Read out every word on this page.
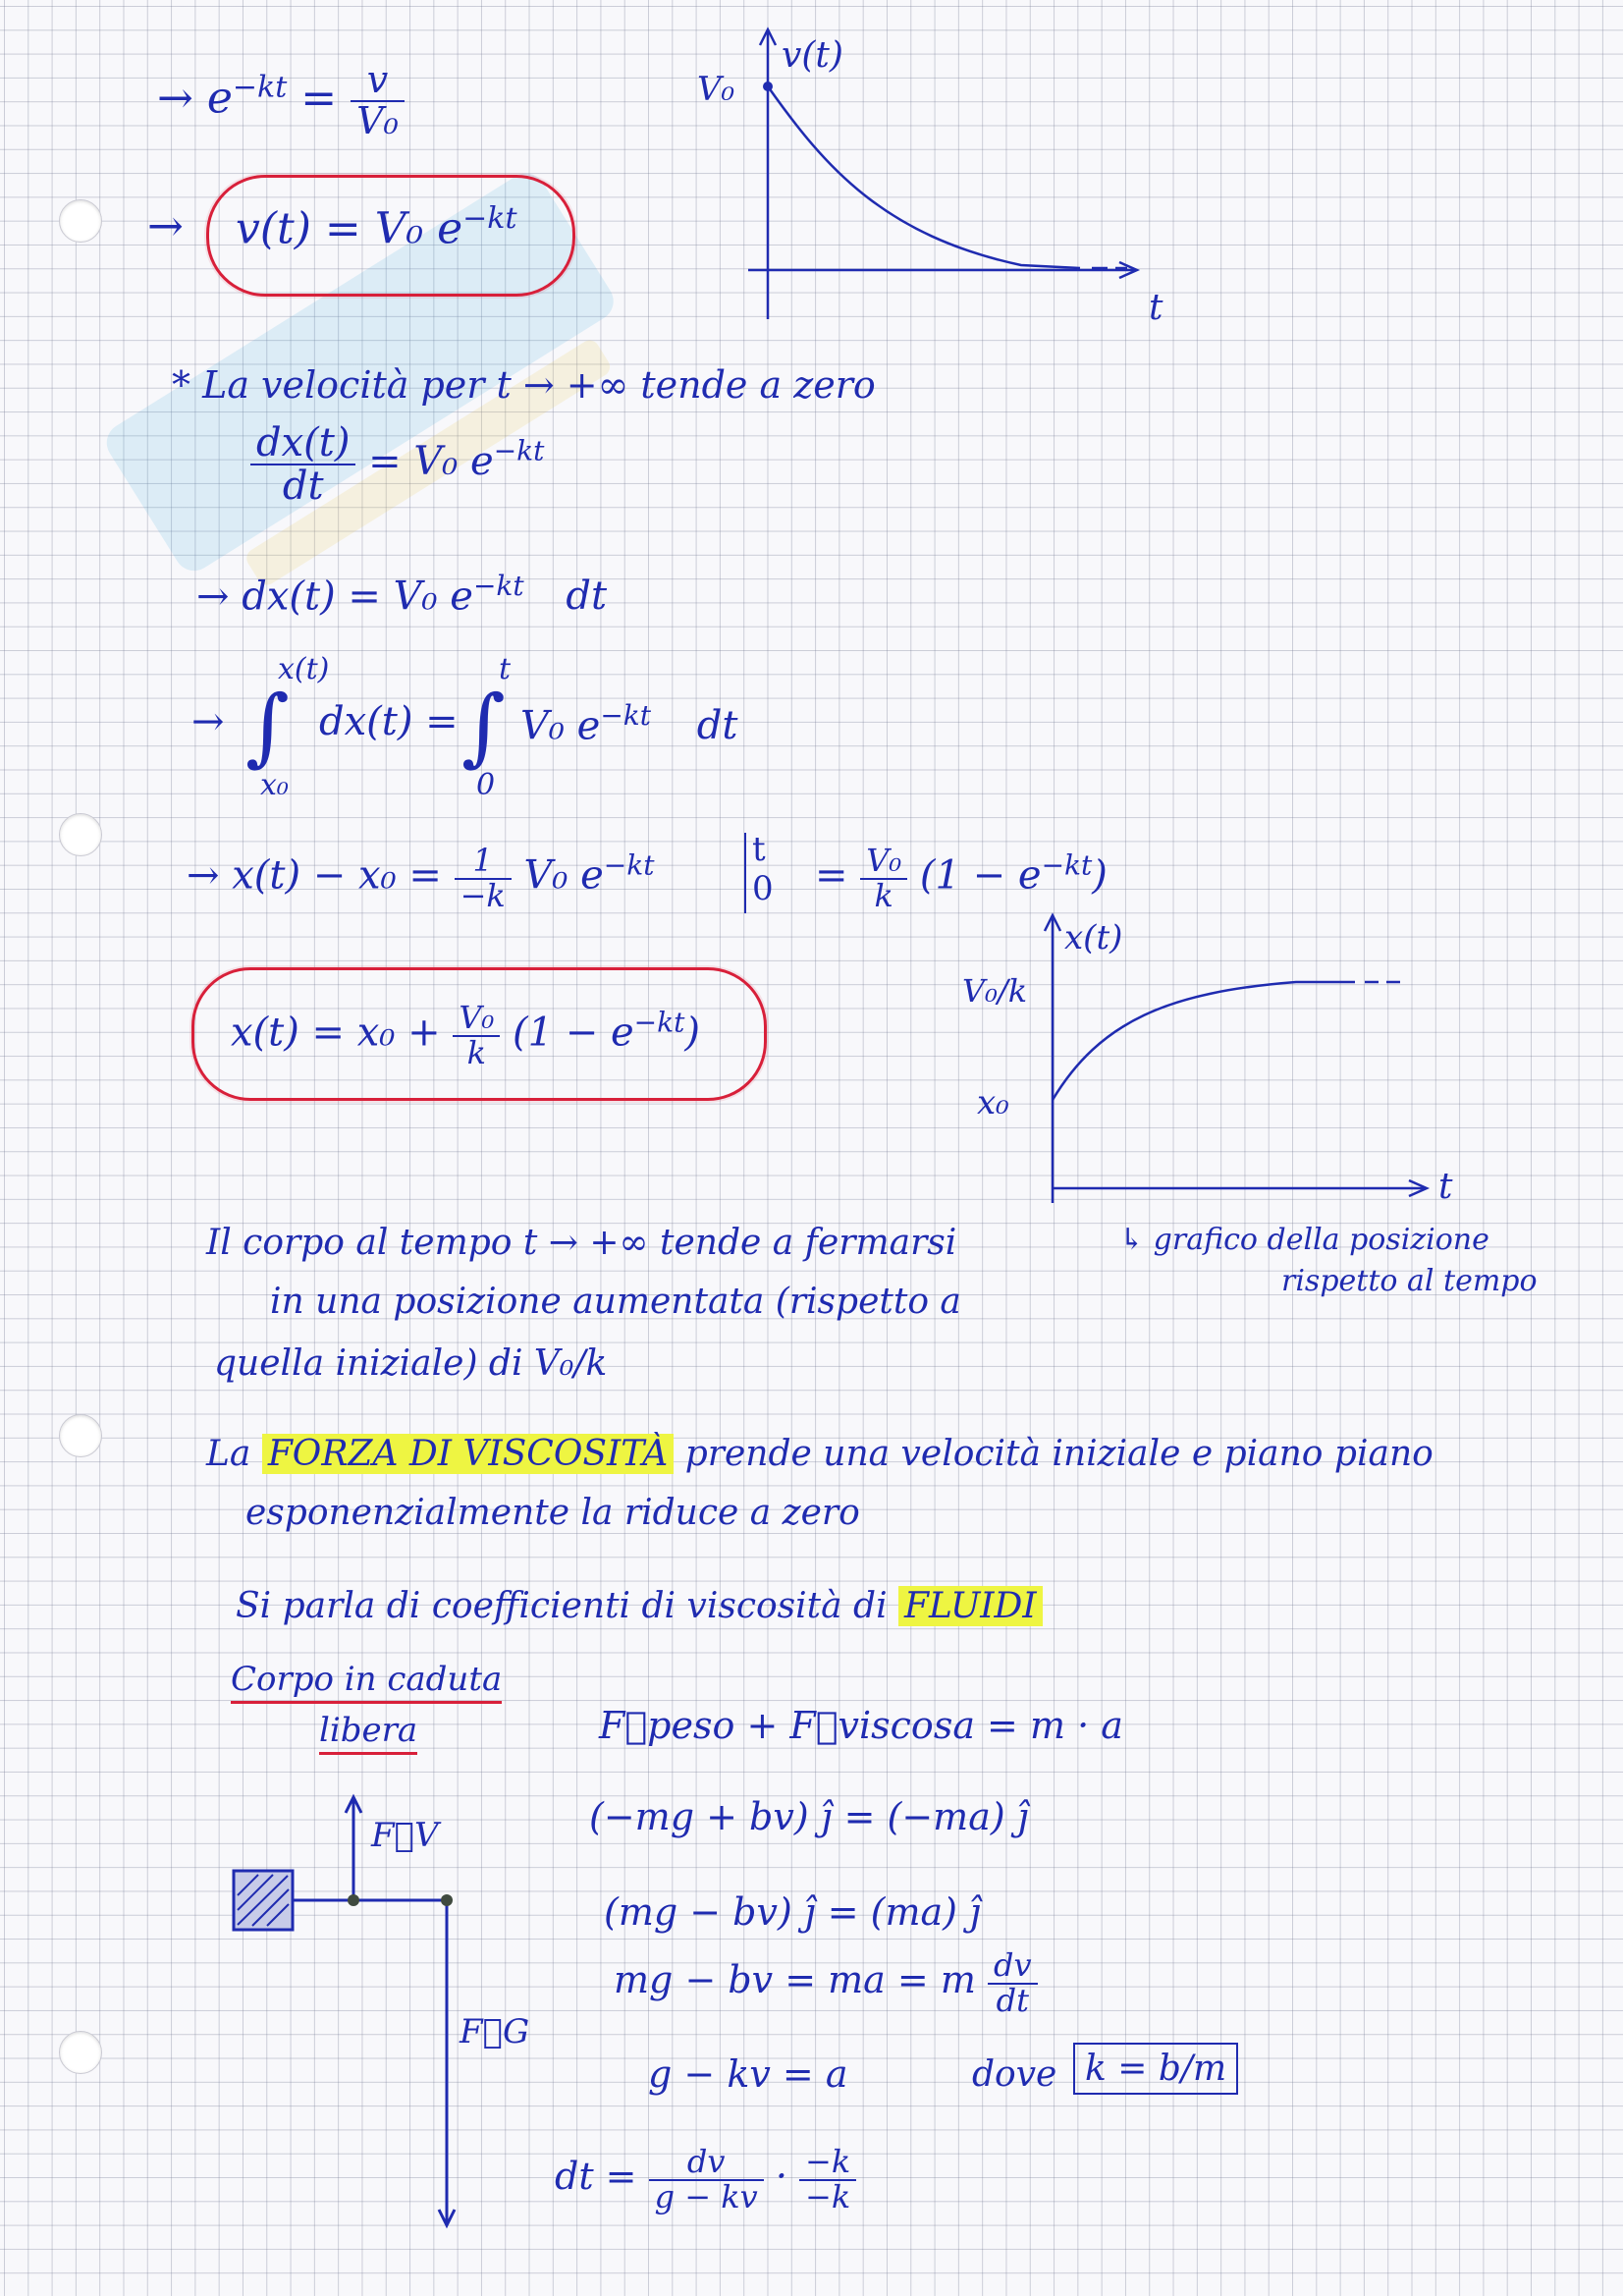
→ $e^{-kt} = \frac{v}{\text{V₀}}$
→ v(t) = V₀ $e^{-kt}$
v(t)
V₀
t
* La velocità per t → +∞ tende a zero
$\frac{dx(t)}{dt} = V_0$ $e^{-kt}$
→ dx(t) = V₀ $e^{-kt}$ dt
→ ∫
x(t)
x₀
dx(t) = ∫
t
0
V₀ $e^{-kt}$ dt
→ $x(t) - x_0 = \frac{1}{-k} V_0$ $e^{-kt}$	t
$0 = \frac{\text{V₀}}{k} (1 - e^{-kt})$
$x(t) = x_0 + \frac{\text{V₀}}{k} (1 - e^{-kt})$
x(t)
V₀/k
x₀
t
↳ grafico della posizione
rispetto al tempo
Il corpo al tempo t → +∞ tende a fermarsi
in una posizione aumentata (rispetto a
quella iniziale) di V₀/k
La FORZA DI VISCOSITÀ prende una velocità iniziale e piano piano
esponenzialmente la riduce a zero
Si parla di coefficienti di viscosità di FLUIDI
Corpo in caduta
libera	F⃗peso + F⃗viscosa = m · a
(−mg + bv) ĵ = (−ma) ĵ
(mg − bv) ĵ = (ma) ĵ
mg − bv = ma = m $\frac{dv}{dt}$
g − kv = a	dove k = b/m
dt = $\frac{dv}{g - kv} \cdot \frac{-k}{-k}$
F⃗V
F⃗G
